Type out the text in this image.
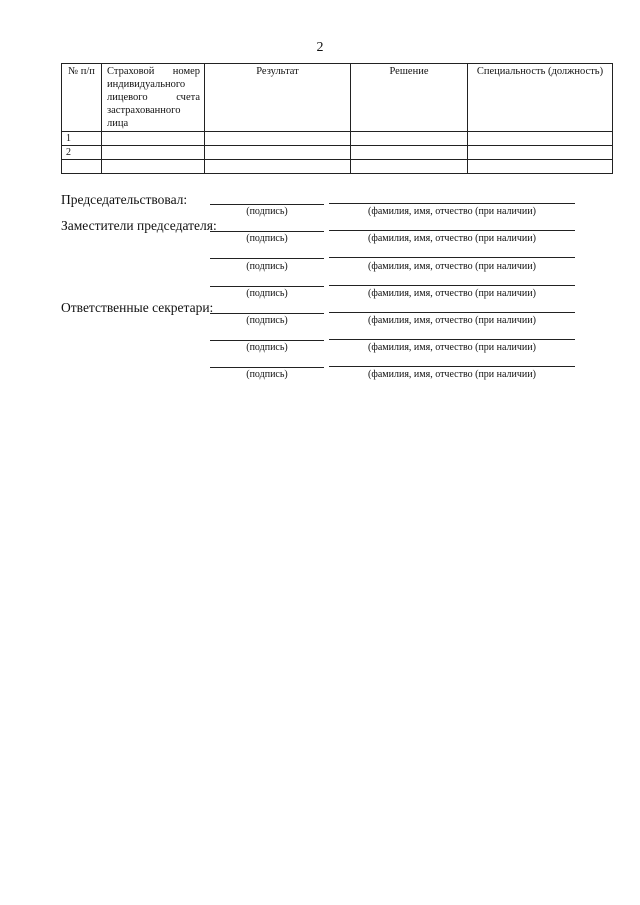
2
№ п/п	Страховой номер индивидуального лицевого счета застрахованного лица	Результат	Решение	Специальность (должность)
1				
2				

Председательствовал:
(подпись)	(фамилия, имя, отчество (при наличии)
Заместители председателя:
(подпись)	(фамилия, имя, отчество (при наличии)
(подпись)	(фамилия, имя, отчество (при наличии)
(подпись)	(фамилия, имя, отчество (при наличии)
Ответственные секретари:
(подпись)	(фамилия, имя, отчество (при наличии)
(подпись)	(фамилия, имя, отчество (при наличии)
(подпись)	(фамилия, имя, отчество (при наличии)
